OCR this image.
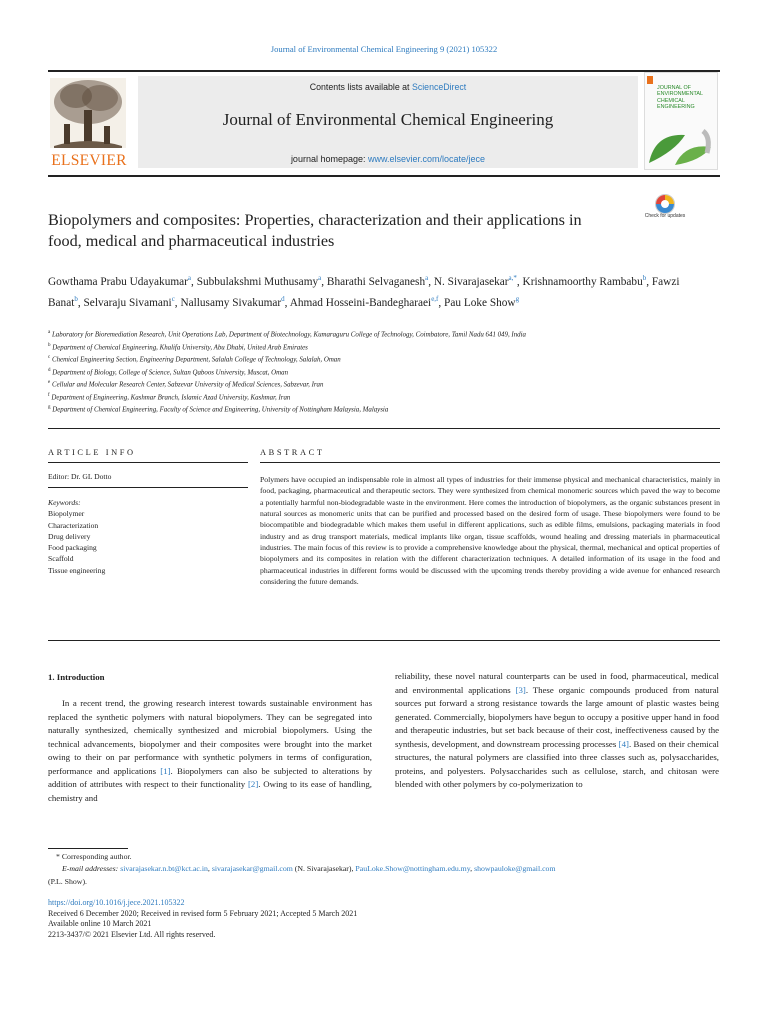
Journal of Environmental Chemical Engineering 9 (2021) 105322
ELSEVIER
Contents lists available at ScienceDirect
Journal of Environmental Chemical Engineering
journal homepage: www.elsevier.com/locate/jece
JOURNAL OF
ENVIRONMENTAL
CHEMICAL
ENGINEERING
Biopolymers and composites: Properties, characterization and their applications in food, medical and pharmaceutical industries
Check for updates
Gowthama Prabu Udayakumar$^a$, Subbulakshmi Muthusamy$^a$, Bharathi Selvaganesh$^a$, N. Sivarajasekar$^{a,*}$, Krishnamoorthy Rambabu$^b$, Fawzi Banat$^b$, Selvaraju Sivamani$^c$, Nallusamy Sivakumar$^d$, Ahmad Hosseini-Bandegharaei$^{e,f}$, Pau Loke Show$^g$
$^a$ Laboratory for Bioremediation Research, Unit Operations Lab, Department of Biotechnology, Kumaraguru College of Technology, Coimbatore, Tamil Nadu 641 049, India
$^b$ Department of Chemical Engineering, Khalifa University, Abu Dhabi, United Arab Emirates
$^c$ Chemical Engineering Section, Engineering Department, Salalah College of Technology, Salalah, Oman
$^d$ Department of Biology, College of Science, Sultan Qaboos University, Muscat, Oman
$^e$ Cellular and Molecular Research Center, Sabzevar University of Medical Sciences, Sabzevar, Iran
$^f$ Department of Engineering, Kashmar Branch, Islamic Azad University, Kashmar, Iran
$^g$ Department of Chemical Engineering, Faculty of Science and Engineering, University of Nottingham Malaysia, Malaysia
ARTICLE INFO
Editor: Dr. GL Dotto
Keywords:
Biopolymer
Characterization
Drug delivery
Food packaging
Scaffold
Tissue engineering
ABSTRACT
Polymers have occupied an indispensable role in almost all types of industries for their immense physical and mechanical characteristics, mainly in food, packaging, pharmaceutical and therapeutic sectors. They were synthesized from chemical monomeric sources which paved the way to become a potentially harmful non-biodegradable waste in the environment. Here comes the introduction of biopolymers, as the organic substances present in natural sources as monomeric units that can be purified and processed based on the desired form of usage. These biopolymers were found to be biocompatible and biodegradable which makes them useful in different applications, such as edible films, emulsions, packaging materials in food industry and as drug transport materials, medical implants like organ, tissue scaffolds, wound healing and dressing materials in pharmaceutical industries. The main focus of this review is to provide a comprehensive knowledge about the physical, thermal, mechanical and optical properties of biopolymers and its composites in relation with the different characterization techniques. A detailed information of its usage in the food and pharmaceutical industries in different forms would be discussed with the upcoming trends thereby providing a wide avenue for enhanced research considering the future demands.
1. Introduction
In a recent trend, the growing research interest towards sustainable environment has replaced the synthetic polymers with natural biopolymers. They can be segregated into naturally synthesized, chemically synthesized and microbial biopolymers. Using the technical advancements, biopolymer and their composites were brought into the market owing to their on par performance with synthetic polymers in terms of configuration, performance and applications [1]. Biopolymers can also be subjected to alterations by addition of attributes with respect to their functionality [2]. Owing to its ease of handling, chemistry and
reliability, these novel natural counterparts can be used in food, pharmaceutical, medical and environmental applications [3]. These organic compounds produced from natural sources put forward a strong resistance towards the large amount of plastic wastes being generated. Commercially, biopolymers have begun to occupy a positive upper hand in food and therapeutic industries, but set back because of their cost, ineffectiveness caused by the synthesis, development, and downstream processing processes [4]. Based on their chemical structures, the natural polymers are classified into three classes such as, polysaccharides, proteins, and polyesters. Polysaccharides such as cellulose, starch, and chitosan were blended with other polymers by co-polymerization to
* Corresponding author.
E-mail addresses: sivarajasekar.n.bt@kct.ac.in, sivarajasekar@gmail.com (N. Sivarajasekar), PauLoke.Show@nottingham.edu.my, showpauloke@gmail.com
(P.L. Show).
https://doi.org/10.1016/j.jece.2021.105322
Received 6 December 2020; Received in revised form 5 February 2021; Accepted 5 March 2021
Available online 10 March 2021
2213-3437/© 2021 Elsevier Ltd. All rights reserved.
